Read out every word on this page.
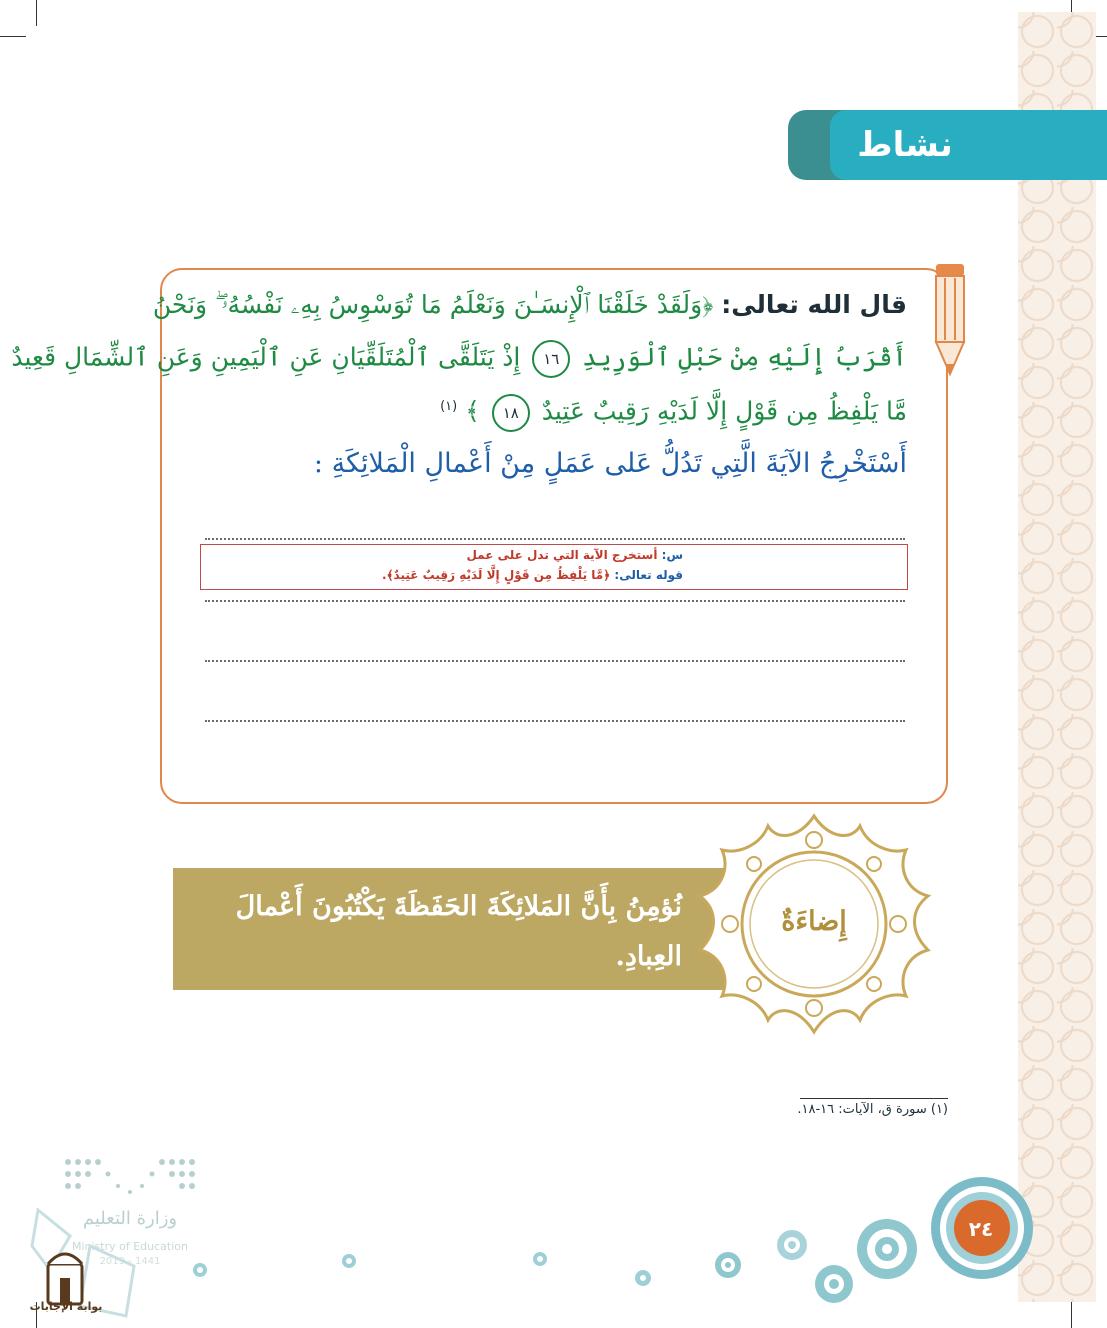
نشاط
قال الله تعالى: ﴿وَلَقَدْ خَلَقْنَا ٱلْإِنسَـٰنَ وَنَعْلَمُ مَا تُوَسْوِسُ بِهِۦ نَفْسُهُۥ ۖ وَنَحْنُ
أَقْرَبُ إِلَيْهِ مِنْ حَبْلِ ٱلْوَرِيدِ ١٦ إِذْ يَتَلَقَّى ٱلْمُتَلَقِّيَانِ عَنِ ٱلْيَمِينِ وَعَنِ ٱلشِّمَالِ قَعِيدٌ
مَّا يَلْفِظُ مِن قَوْلٍ إِلَّا لَدَيْهِ رَقِيبٌ عَتِيدٌ ١٨ ﴾ $^{(١)}$
أَسْتَخْرِجُ الآيَةَ الَّتِي تَدُلُّ عَلى عَمَلٍ مِنْ أَعْمالِ الْمَلائِكَةِ :
س: أستخرج الآية التي تدل على عمل
قوله تعالى: ﴿مَّا يَلْفِظُ مِن قَوْلٍ إِلَّا لَدَيْهِ رَقِيبٌ عَتِيدٌ﴾.
نُؤمِنُ بِأَنَّ المَلائِكَةَ الحَفَظَةَ يَكْتُبُونَ أَعْمالَ العِبادِ.
إِضاءَةٌ
(١) سورة ق، الآيات: ١٦-١٨.
٢٤
وزارة التعليم
Ministry of Education
2019 - 1441
بوابة الإجابات
